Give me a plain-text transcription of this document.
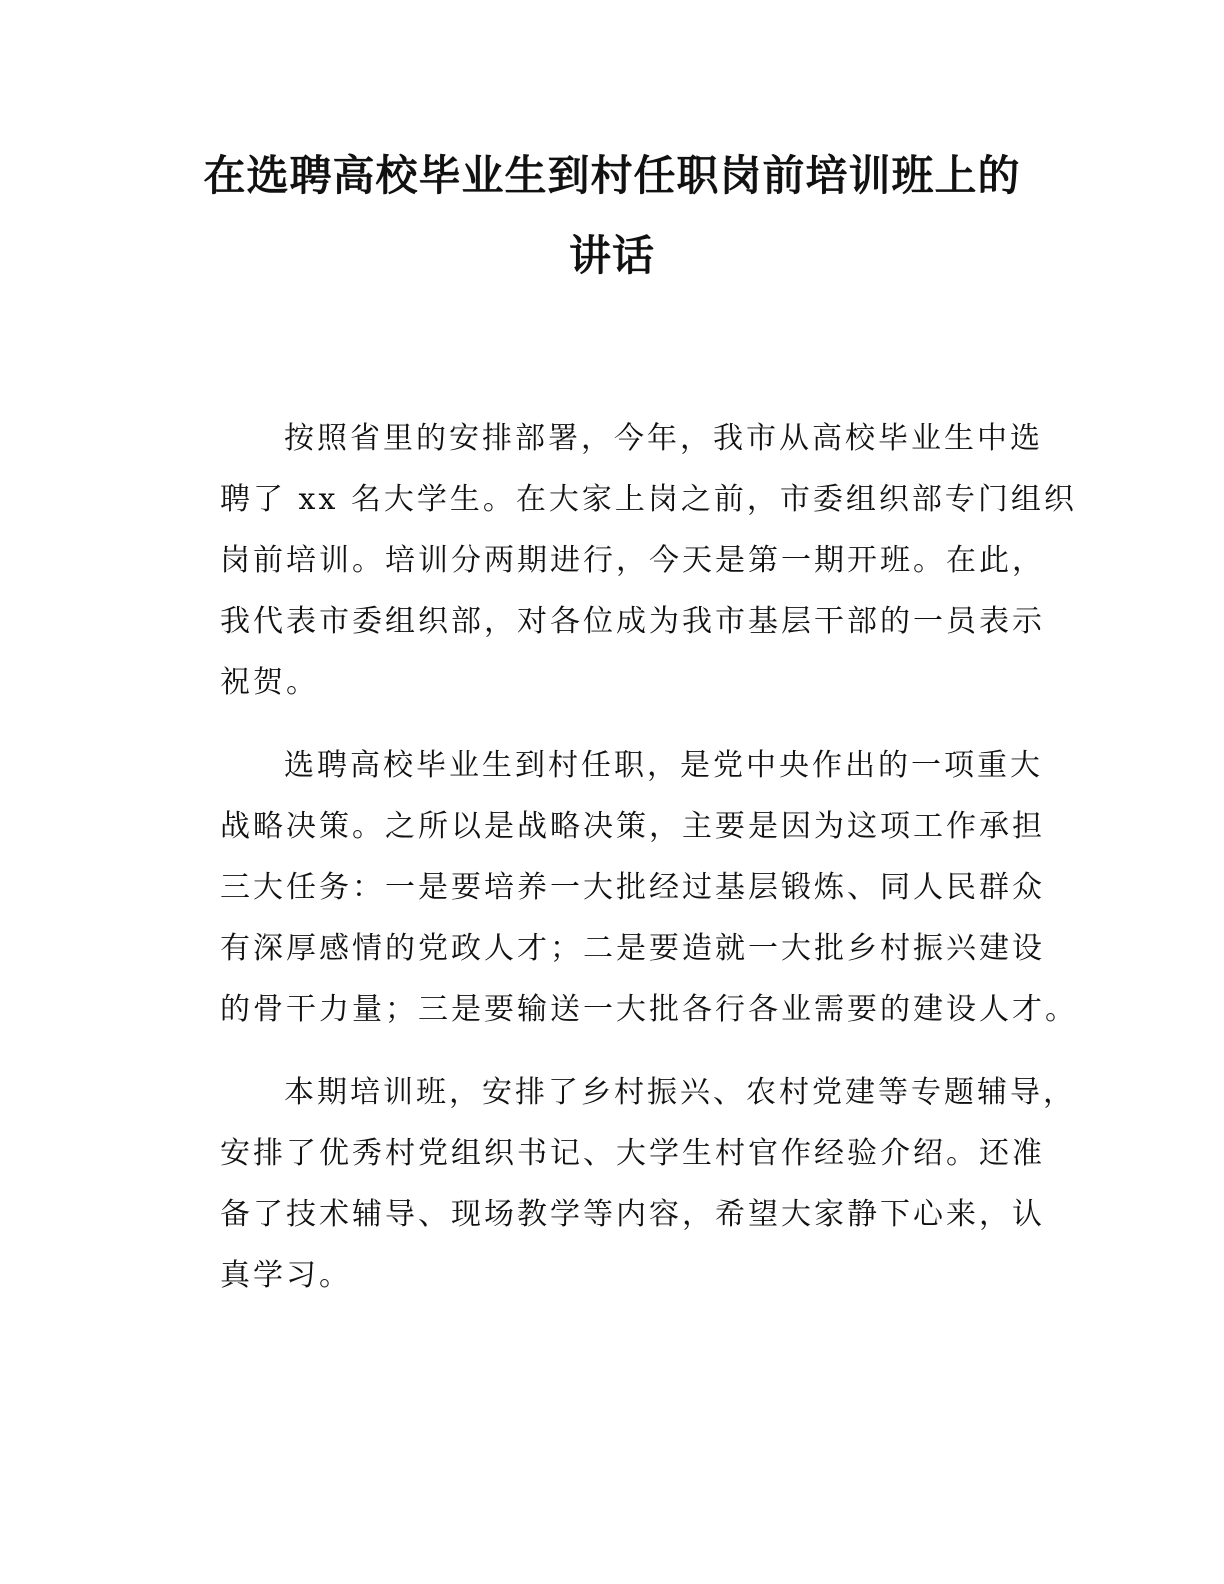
在选聘高校毕业生到村任职岗前培训班上的
讲话
按照省里的安排部署，今年，我市从高校毕业生中选
聘了 xx 名大学生。在大家上岗之前，市委组织部专门组织
岗前培训。培训分两期进行，今天是第一期开班。在此，
我代表市委组织部，对各位成为我市基层干部的一员表示
祝贺。
选聘高校毕业生到村任职，是党中央作出的一项重大
战略决策。之所以是战略决策，主要是因为这项工作承担
三大任务：一是要培养一大批经过基层锻炼、同人民群众
有深厚感情的党政人才；二是要造就一大批乡村振兴建设
的骨干力量；三是要输送一大批各行各业需要的建设人才。
本期培训班，安排了乡村振兴、农村党建等专题辅导，
安排了优秀村党组织书记、大学生村官作经验介绍。还准
备了技术辅导、现场教学等内容，希望大家静下心来，认
真学习。
